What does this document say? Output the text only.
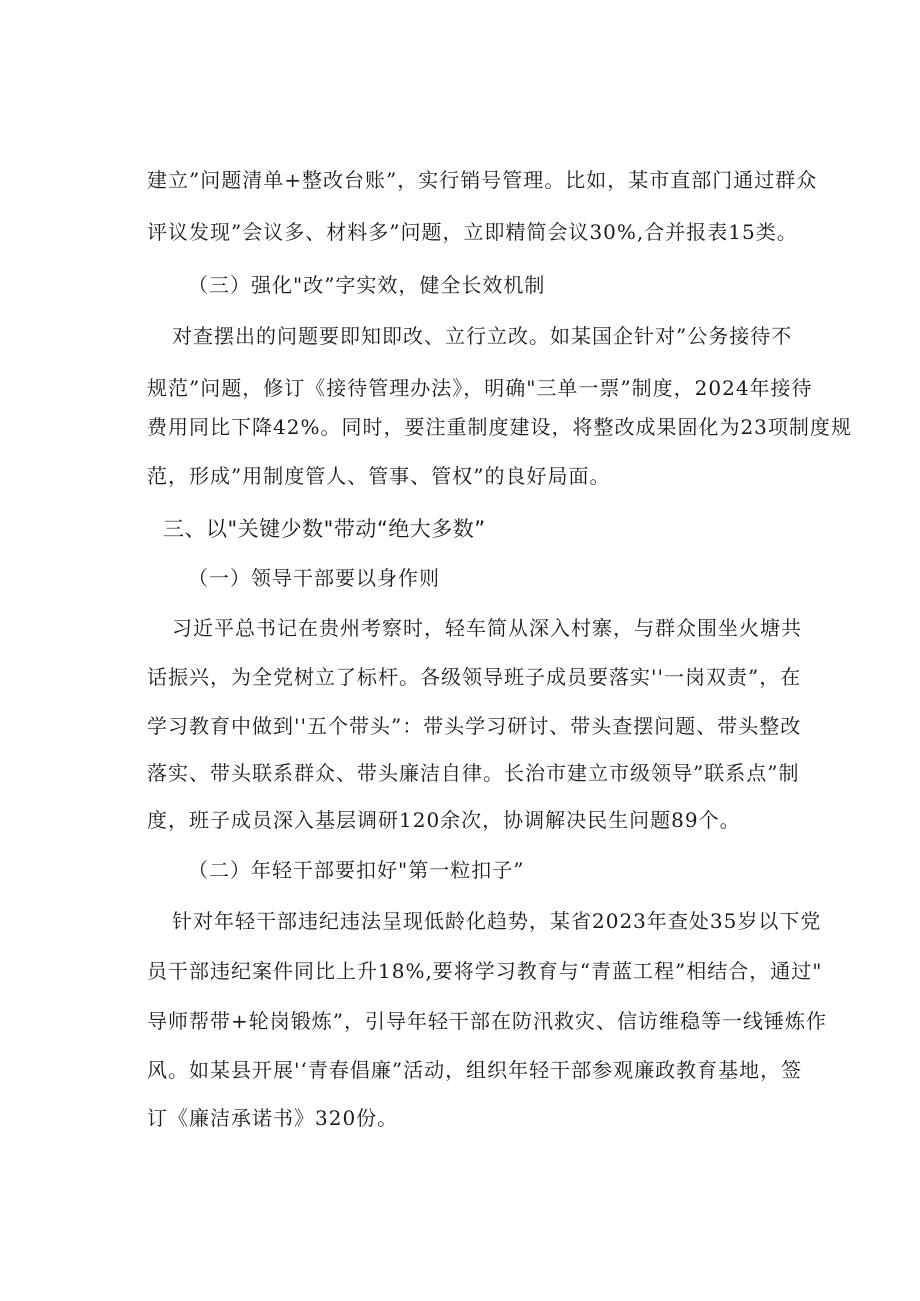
建立”问题清单+整改台账”，实行销号管理。比如，某市直部门通过群众
评议发现”会议多、材料多”问题，立即精简会议30%,合并报表15类。
（三）强化"改”字实效，健全长效机制
对查摆出的问题要即知即改、立行立改。如某国企针对”公务接待不
规范”问题，修订《接待管理办法》，明确"三单一票”制度，2024年接待
费用同比下降42%。同时，要注重制度建设，将整改成果固化为23项制度规
范，形成”用制度管人、管事、管权”的良好局面。
三、以"关键少数"带动“绝大多数”
（一）领导干部要以身作则
习近平总书记在贵州考察时，轻车简从深入村寨，与群众围坐火塘共
话振兴，为全党树立了标杆。各级领导班子成员要落实''一岗双责”，在
学习教育中做到''五个带头”：带头学习研讨、带头查摆问题、带头整改
落实、带头联系群众、带头廉洁自律。长治市建立市级领导”联系点”制
度，班子成员深入基层调研120余次，协调解决民生问题89个。
（二）年轻干部要扣好"第一粒扣子”
针对年轻干部违纪违法呈现低龄化趋势，某省2023年查处35岁以下党
员干部违纪案件同比上升18%,要将学习教育与“青蓝工程”相结合，通过"
导师帮带+轮岗锻炼”，引导年轻干部在防汛救灾、信访维稳等一线锤炼作
风。如某县开展'‘青春倡廉”活动，组织年轻干部参观廉政教育基地，签
订《廉洁承诺书》320份。
